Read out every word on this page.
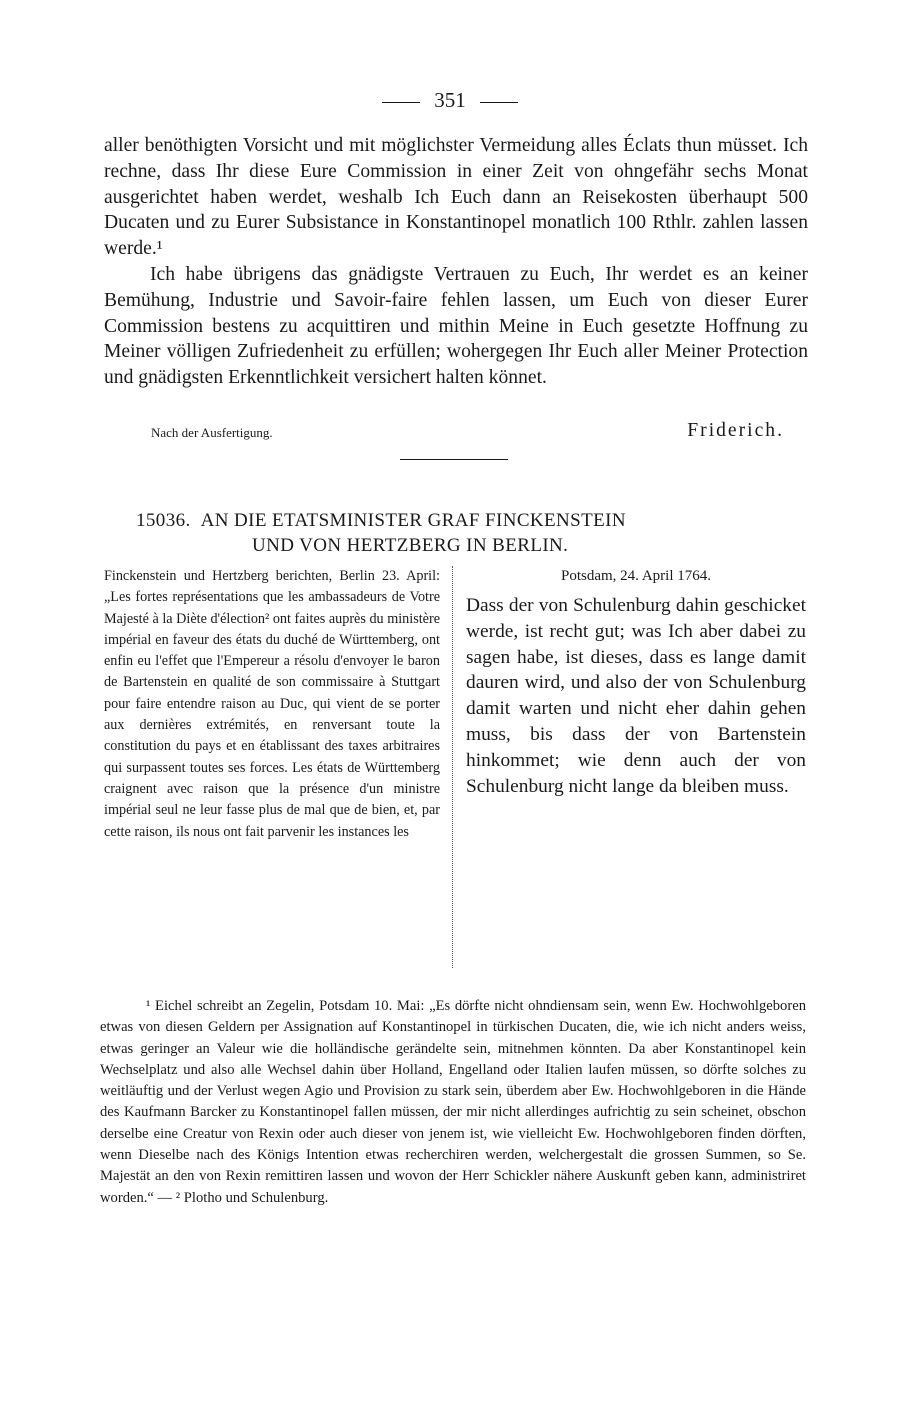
351

aller benöthigten Vorsicht und mit möglichster Vermeidung alles Éclats thun müsset. Ich rechne, dass Ihr diese Eure Commission in einer Zeit von ohngefähr sechs Monat ausgerichtet haben werdet, weshalb Ich Euch dann an Reisekosten überhaupt 500 Ducaten und zu Eurer Subsistance in Konstantinopel monatlich 100 Rthlr. zahlen lassen werde.¹

Ich habe übrigens das gnädigste Vertrauen zu Euch, Ihr werdet es an keiner Bemühung, Industrie und Savoir-faire fehlen lassen, um Euch von dieser Eurer Commission bestens zu acquittiren und mithin Meine in Euch gesetzte Hoffnung zu Meiner völligen Zufriedenheit zu erfüllen; wohergegen Ihr Euch aller Meiner Protection und gnädigsten Erkenntlichkeit versichert halten könnet.

Nach der Ausfertigung.	Friderich.
15036. AN DIE ETATSMINISTER GRAF FINCKENSTEIN
UND VON HERTZBERG IN BERLIN.

Finckenstein und Hertzberg berichten, Berlin 23. April: „Les fortes représentations que les ambassadeurs de Votre Majesté à la Diète d'élection² ont faites auprès du ministère impérial en faveur des états du duché de Württemberg, ont enfin eu l'effet que l'Empereur a résolu d'envoyer le baron de Bartenstein en qualité de son commissaire à Stuttgart pour faire entendre raison au Duc, qui vient de se porter aux dernières extrémités, en renversant toute la constitution du pays et en établissant des taxes arbitraires qui surpassent toutes ses forces. Les états de Württemberg craignent avec raison que la présence d'un ministre impérial seul ne leur fasse plus de mal que de bien, et, par cette raison, ils nous ont fait parvenir les instances les

Potsdam, 24. April 1764.

Dass der von Schulenburg dahin geschicket werde, ist recht gut; was Ich aber dabei zu sagen habe, ist dieses, dass es lange damit dauren wird, und also der von Schulenburg damit warten und nicht eher dahin gehen muss, bis dass der von Bartenstein hinkommet; wie denn auch der von Schulenburg nicht lange da bleiben muss.

¹ Eichel schreibt an Zegelin, Potsdam 10. Mai: „Es dörfte nicht ohndiensam sein, wenn Ew. Hochwohlgeboren etwas von diesen Geldern per Assignation auf Konstantinopel in türkischen Ducaten, die, wie ich nicht anders weiss, etwas geringer an Valeur wie die holländische gerändelte sein, mitnehmen könnten. Da aber Konstantinopel kein Wechselplatz und also alle Wechsel dahin über Holland, Engelland oder Italien laufen müssen, so dörfte solches zu weitläuftig und der Verlust wegen Agio und Provision zu stark sein, überdem aber Ew. Hochwohlgeboren in die Hände des Kaufmann Barcker zu Konstantinopel fallen müssen, der mir nicht allerdinges aufrichtig zu sein scheinet, obschon derselbe eine Creatur von Rexin oder auch dieser von jenem ist, wie vielleicht Ew. Hochwohlgeboren finden dörften, wenn Dieselbe nach des Königs Intention etwas recherchiren werden, welchergestalt die grossen Summen, so Se. Majestät an den von Rexin remittiren lassen und wovon der Herr Schickler nähere Auskunft geben kann, administriret worden.“ — ² Plotho und Schulenburg.
